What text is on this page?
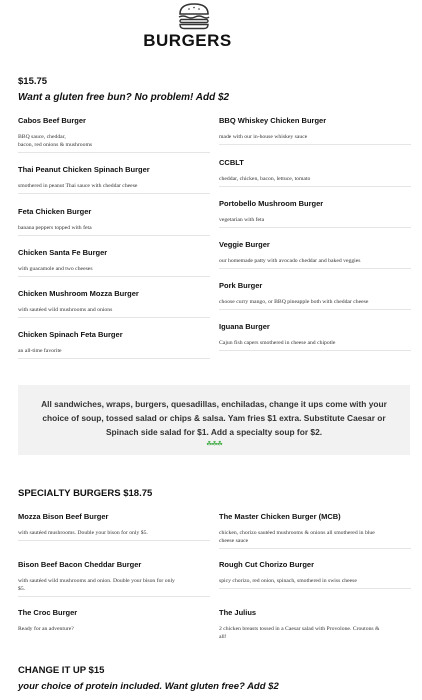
BURGERS
$15.75
Want a gluten free bun? No problem! Add $2
Cabos Beef Burger
BBQ sauce, cheddar,
bacon, red onions & mushrooms
Thai Peanut Chicken Spinach Burger
smothered in peanut Thai sauce with cheddar cheese
Feta Chicken Burger
banana peppers topped with feta
Chicken Santa Fe Burger
with guacamole and two cheeses
Chicken Mushroom Mozza Burger
with sautéed wild mushrooms and onions
Chicken Spinach Feta Burger
an all-time favorite
BBQ Whiskey Chicken Burger
made with our in-house whiskey sauce
CCBLT
cheddar, chicken, bacon, lettuce, tomato
Portobello Mushroom Burger
vegetarian with feta
Veggie Burger
our homemade patty with avocado cheddar and baked veggies
Pork Burger
choose curry mango, or BBQ pineapple both with cheddar cheese
Iguana Burger
Cajun fish capers smothered in cheese and chipotle
All sandwiches, wraps, burgers, quesadillas, enchiladas, change it ups come with your choice of soup, tossed salad or chips & salsa. Yam fries $1 extra. Substitute Caesar or Spinach side salad for $1. Add a specialty soup for $2.
☘☘☘
SPECIALTY BURGERS $18.75
Mozza Bison Beef Burger
with sautéed mushrooms. Double your bison for only $5.
Bison Beef Bacon Cheddar Burger
with sautéed wild mushrooms and onion. Double your bison for only
$5.
The Croc Burger
Ready for an adventure?
The Master Chicken Burger (MCB)
chicken, chorizo sautéed mushrooms & onions all smothered in blue
cheese sauce
Rough Cut Chorizo Burger
spicy chorizo, red onion, spinach, smothered in swiss cheese
The Julius
2 chicken breasts tossed in a Caesar salad with Provolone. Croutons &
all!
CHANGE IT UP $15
your choice of protein included. Want gluten free? Add $2
